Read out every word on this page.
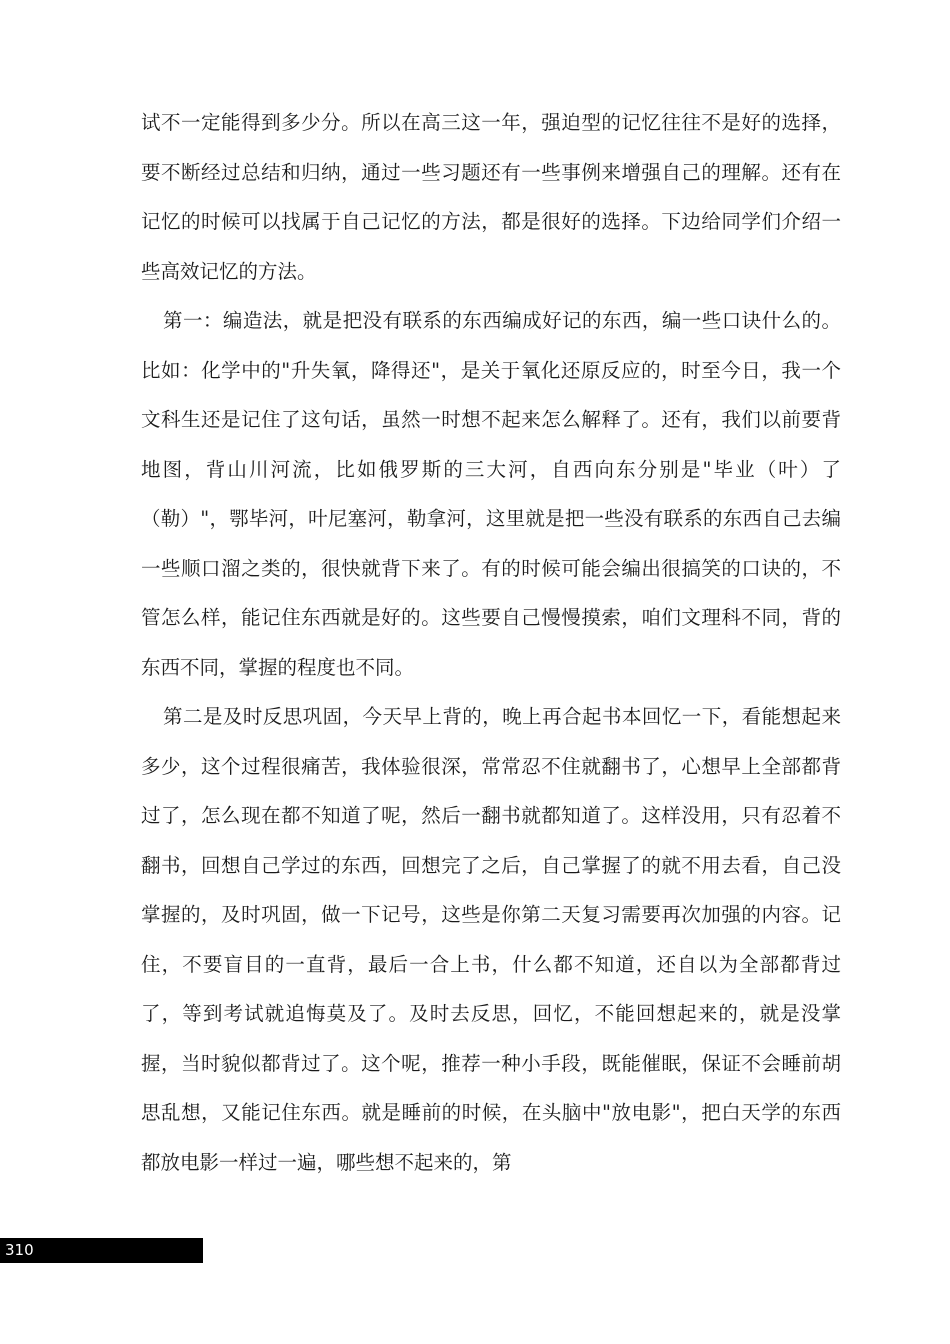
试不一定能得到多少分。所以在高三这一年，强迫型的记忆往往不是好的选择，要不断经过总结和归纳，通过一些习题还有一些事例来增强自己的理解。还有在记忆的时候可以找属于自己记忆的方法，都是很好的选择。下边给同学们介绍一些高效记忆的方法。

第一：编造法，就是把没有联系的东西编成好记的东西，编一些口诀什么的。比如：化学中的"升失氧，降得还"，是关于氧化还原反应的，时至今日，我一个文科生还是记住了这句话，虽然一时想不起来怎么解释了。还有，我们以前要背地图，背山川河流，比如俄罗斯的三大河，自西向东分别是"毕业（叶）了（勒）"，鄂毕河，叶尼塞河，勒拿河，这里就是把一些没有联系的东西自己去编一些顺口溜之类的，很快就背下来了。有的时候可能会编出很搞笑的口诀的，不管怎么样，能记住东西就是好的。这些要自己慢慢摸索，咱们文理科不同，背的东西不同，掌握的程度也不同。

第二是及时反思巩固，今天早上背的，晚上再合起书本回忆一下，看能想起来多少，这个过程很痛苦，我体验很深，常常忍不住就翻书了，心想早上全部都背过了，怎么现在都不知道了呢，然后一翻书就都知道了。这样没用，只有忍着不翻书，回想自己学过的东西，回想完了之后，自己掌握了的就不用去看，自己没掌握的，及时巩固，做一下记号，这些是你第二天复习需要再次加强的内容。记住，不要盲目的一直背，最后一合上书，什么都不知道，还自以为全部都背过了，等到考试就追悔莫及了。及时去反思，回忆，不能回想起来的，就是没掌握，当时貌似都背过了。这个呢，推荐一种小手段，既能催眠，保证不会睡前胡思乱想，又能记住东西。就是睡前的时候，在头脑中"放电影"，把白天学的东西都放电影一样过一遍，哪些想不起来的，第

310
